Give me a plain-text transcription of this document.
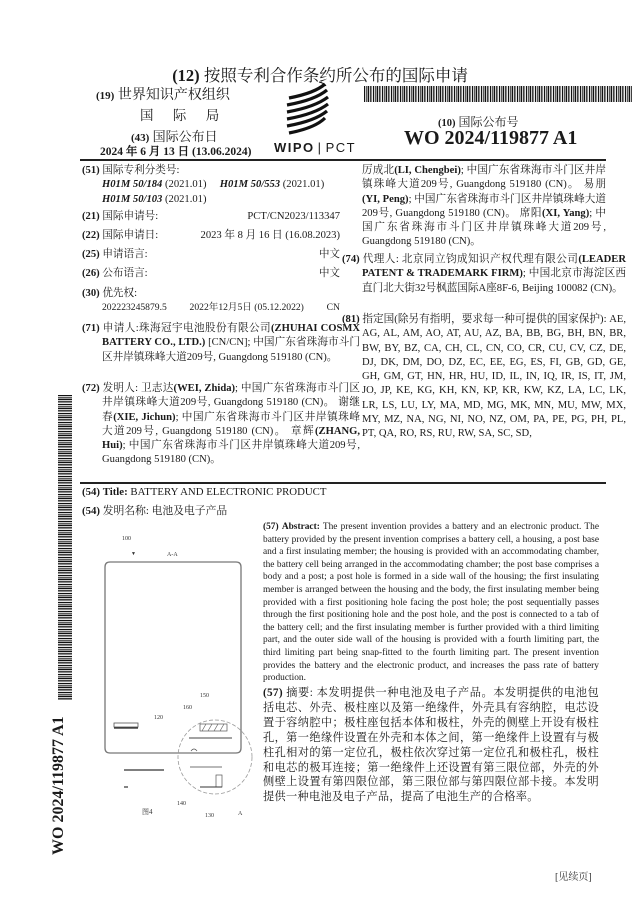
(12) 按照专利合作条约所公布的国际申请
(19) 世界知识产权组织
国 际 局
(43) 国际公布日
2024 年 6 月 13 日 (13.06.2024) WIPO | PCT
(10) 国际公布号
WO 2024/119877 A1
(51) 国际专利分类号:
H01M 50/184 (2021.01) H01M 50/553 (2021.01)
H01M 50/103 (2021.01)
(21) 国际申请号:	PCT/CN2023/113347
(22) 国际申请日:	2023 年 8 月 16 日 (16.08.2023)
(25) 申请语言:	中文
(26) 公布语言:	中文
(30) 优先权:
202223245879.5 2022年12月5日 (05.12.2022) CN
(71) 申请人:珠海冠宇电池股份有限公司(ZHUHAI COSMX BATTERY CO., LTD.) [CN/CN]; 中国广东省珠海市斗门区井岸镇珠峰大道209号, Guangdong 519180 (CN)。
(72) 发明人: 卫志达(WEI, Zhida); 中国广东省珠海市斗门区井岸镇珠峰大道209号, Guangdong 519180 (CN)。 谢继春(XIE, Jichun); 中国广东省珠海市斗门区井岸镇珠峰大道209号, Guangdong 519180 (CN)。 章辉(ZHANG, Hui); 中国广东省珠海市斗门区井岸镇珠峰大道209号, Guangdong 519180 (CN)。
厉成北(LI, Chengbei); 中国广东省珠海市斗门区井岸镇珠峰大道209号, Guangdong 519180 (CN)。 易朋(YI, Peng); 中国广东省珠海市斗门区井岸镇珠峰大道209号, Guangdong 519180 (CN)。 席阳(XI, Yang); 中国广东省珠海市斗门区井岸镇珠峰大道209号, Guangdong 519180 (CN)。
(74) 代理人: 北京同立钧成知识产权代理有限公司(LEADER PATENT & TRADEMARK FIRM); 中国北京市海淀区西直门北大街32号枫蓝国际A座8F-6, Beijing 100082 (CN)。
(81) 指定国(除另有指明，要求每一种可提供的国家保护): AE, AG, AL, AM, AO, AT, AU, AZ, BA, BB, BG, BH, BN, BR, BW, BY, BZ, CA, CH, CL, CN, CO, CR, CU, CV, CZ, DE, DJ, DK, DM, DO, DZ, EC, EE, EG, ES, FI, GB, GD, GE, GH, GM, GT, HN, HR, HU, ID, IL, IN, IQ, IR, IS, IT, JM, JO, JP, KE, KG, KH, KN, KP, KR, KW, KZ, LA, LC, LK, LR, LS, LU, LY, MA, MD, MG, MK, MN, MU, MW, MX, MY, MZ, NA, NG, NI, NO, NZ, OM, PA, PE, PG, PH, PL, PT, QA, RO, RS, RU, RW, SA, SC, SD,
WO 2024/119877 A1
(54) Title: BATTERY AND ELECTRONIC PRODUCT
(54) 发明名称: 电池及电子产品
100
▼	A-A
120
150
160
140
130	A
图4
(57) Abstract: The present invention provides a battery and an electronic product. The battery provided by the present invention comprises a battery cell, a housing, a post base and a first insulating member; the housing is provided with an accommodating chamber, the battery cell being arranged in the accommodating chamber; the post base comprises a body and a post; a post hole is formed in a side wall of the housing; the first insulating member is arranged between the housing and the body, the first insulating member being provided with a first positioning hole facing the post hole; the post sequentially passes through the first positioning hole and the post hole, and the post is connected to a tab of the battery cell; and the first insulating member is further provided with a third limiting part, and the outer side wall of the housing is provided with a fourth limiting part, the third limiting part being snap-fitted to the fourth limiting part. The present invention provides the battery and the electronic product, and increases the pass rate of battery production.
(57) 摘要: 本发明提供一种电池及电子产品。本发明提供的电池包括电芯、外壳、极柱座以及第一绝缘件，外壳具有容纳腔，电芯设置于容纳腔中；极柱座包括本体和极柱，外壳的侧壁上开设有极柱孔，第一绝缘件设置在外壳和本体之间，第一绝缘件上设置有与极柱孔相对的第一定位孔，极柱依次穿过第一定位孔和极柱孔，极柱和电芯的极耳连接；第一绝缘件上还设置有第三限位部，外壳的外侧壁上设置有第四限位部，第三限位部与第四限位部卡接。本发明提供一种电池及电子产品，提高了电池生产的合格率。
[见续页]
